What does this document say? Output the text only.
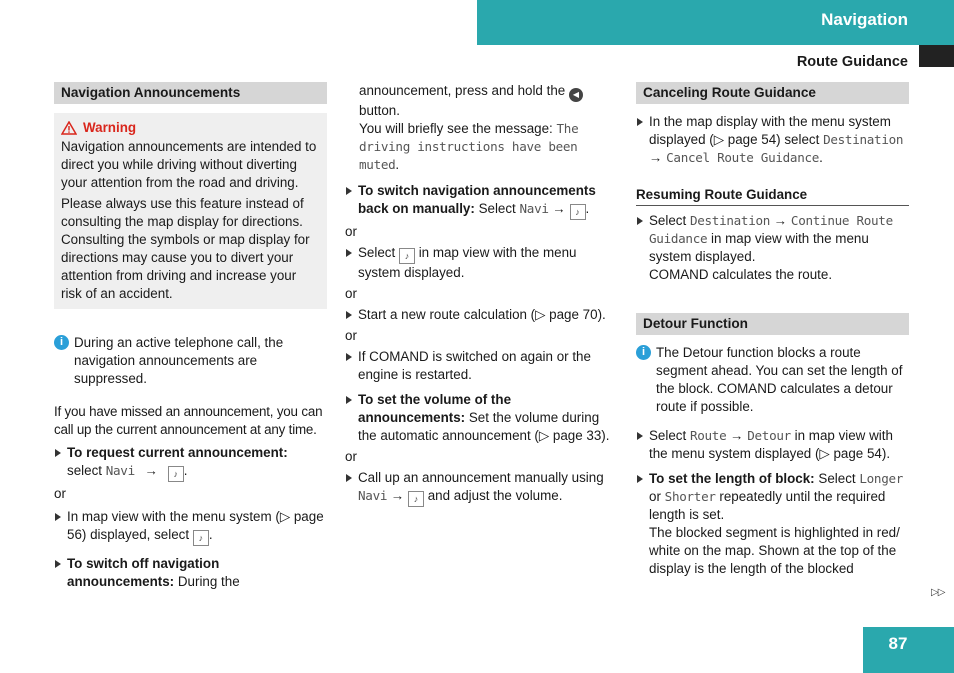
Navigation
Route Guidance
Navigation Announcements
Warning

Navigation announcements are intended to direct you while driving without diverting your attention from the road and driving.

Please always use this feature instead of consulting the map display for directions. Consulting the symbols or map display for directions may cause you to divert your attention from driving and increase your risk of an accident.

i During an active telephone call, the navigation announcements are suppressed.

If you have missed an announcement, you can call up the current announcement at any time.

To request current announcement:
select Navi → ♪ .

or

In map view with the menu system (▷ page 56) displayed, select ♪ .

To switch off navigation announcements: During the

announcement, press and hold the ◀
button.
You will briefly see the message: The driving instructions have been muted.

To switch navigation announcements back on manually: Select Navi → ♪ .

or

Select ♪ in map view with the menu system displayed.

or

Start a new route calculation (▷ page 70).

or

If COMAND is switched on again or the engine is restarted.

To set the volume of the announcements: Set the volume during the automatic announcement (▷ page 33).

or

Call up an announcement manually using Navi → ♪ and adjust the volume.

Canceling Route Guidance

In the map display with the menu system displayed (▷ page 54) select Destination → Cancel Route Guidance.

Resuming Route Guidance

Select Destination → Continue Route Guidance in map view with the menu system displayed.
COMAND calculates the route.

Detour Function
i The Detour function blocks a route segment ahead. You can set the length of the block. COMAND calculates a detour route if possible.

Select Route → Detour in map view with the menu system displayed (▷ page 54).

To set the length of block: Select Longer or Shorter repeatedly until the required length is set.
The blocked segment is highlighted in red/ white on the map. Shown at the top of the display is the length of the blocked

▷▷
87
